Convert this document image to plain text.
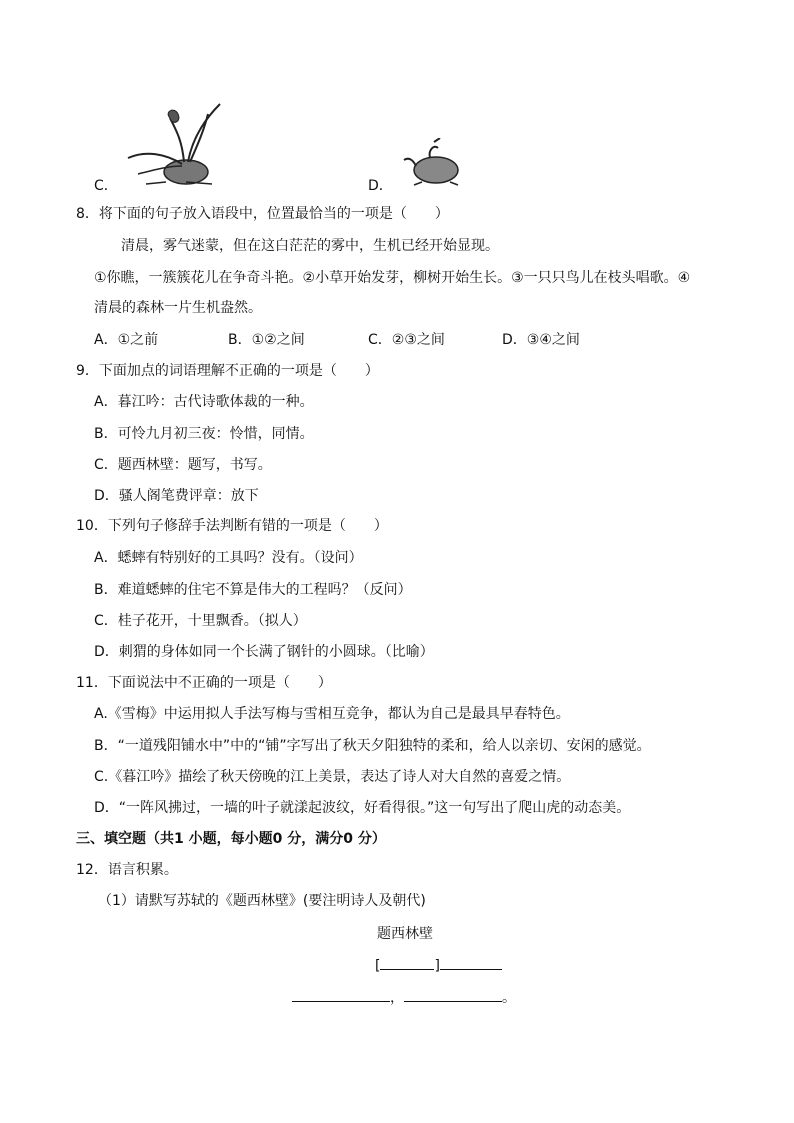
C．	D．
8．将下面的句子放入语段中，位置最恰当的一项是（　　）
清晨，雾气迷蒙，但在这白茫茫的雾中，生机已经开始显现。
①你瞧，一簇簇花儿在争奇斗艳。②小草开始发芽，柳树开始生长。③一只只鸟儿在枝头唱歌。④
清晨的森林一片生机盎然。
A．①之前	B．①②之间	C．②③之间	D．③④之间
9．下面加点的词语理解不正确的一项是（　　）
A．暮江吟：古代诗歌体裁的一种。
B．可怜九月初三夜：怜惜，同情。
C．题西林壁：题写，书写。
D．骚人阁笔费评章：放下
10．下列句子修辞手法判断有错的一项是（　　）
A．蟋蟀有特别好的工具吗？没有。（设问）
B．难道蟋蟀的住宅不算是伟大的工程吗？（反问）
C．桂子花开，十里飘香。（拟人）
D．刺猬的身体如同一个长满了钢针的小圆球。（比喻）
11．下面说法中不正确的一项是（　　）
A.《雪梅》中运用拟人手法写梅与雪相互竞争，都认为自己是最具早春特色。
B．“一道残阳铺水中”中的“铺”字写出了秋天夕阳独特的柔和，给人以亲切、安闲的感觉。
C.《暮江吟》描绘了秋天傍晚的江上美景，表达了诗人对大自然的喜爱之情。
D．“一阵风拂过，一墙的叶子就漾起波纹，好看得很。”这一句写出了爬山虎的动态美。
三、填空题（共1 小题，每小题0 分，满分0 分）
12．语言积累。
（1）请默写苏轼的《题西林壁》(要注明诗人及朝代)
题西林壁
[	]
，	。
